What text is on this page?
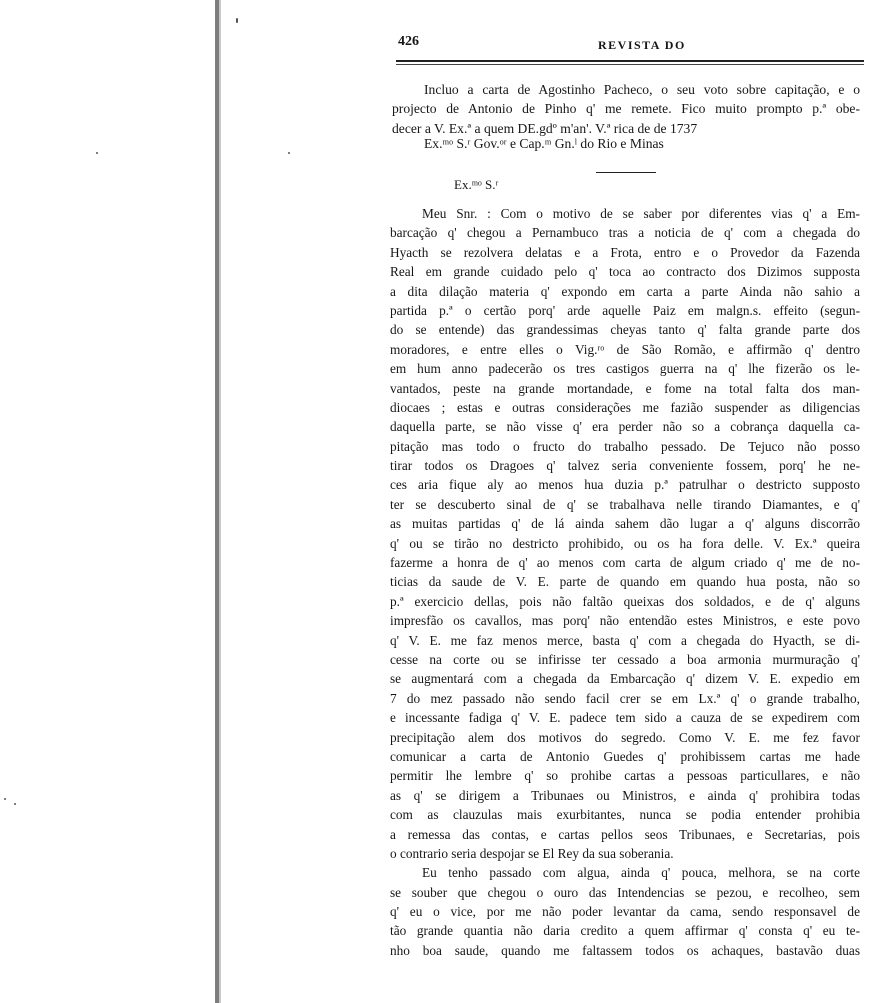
426	REVISTA DO
Incluo a carta de Agostinho Pacheco, o seu voto sobre capitação, e o
projecto de Antonio de Pinho q' me remete. Fico muito prompto p.ª obe-
decer a V. Ex.ª a quem DE.gdº m'an'. V.ª rica de de 1737
Ex.ᵐᵒ S.ʳ Gov.ᵒʳ e Cap.ᵐ Gn.ˡ do Rio e Minas
Ex.ᵐᵒ S.ʳ
Meu Snr. : Com o motivo de se saber por diferentes vias q' a Em-
barcação q' chegou a Pernambuco tras a noticia de q' com a chegada do
Hyacth se rezolvera delatas e a Frota, entro e o Provedor da Fazenda
Real em grande cuidado pelo q' toca ao contracto dos Dizimos supposta
a dita dilação materia q' expondo em carta a parte Ainda não sahio a
partida p.ª o certão porq' arde aquelle Paiz em malgn.s. effeito (segun-
do se entende) das grandessimas cheyas tanto q' falta grande parte dos
moradores, e entre elles o Vig.ʳᵒ de São Romão, e affirmão q' dentro
em hum anno padecerão os tres castigos guerra na q' lhe fizerão os le-
vantados, peste na grande mortandade, e fome na total falta dos man-
diocaes ; estas e outras considerações me fazião suspender as diligencias
daquella parte, se não visse q' era perder não so a cobrança daquella ca-
pitação mas todo o fructo do trabalho pessado. De Tejuco não posso
tirar todos os Dragoes q' talvez seria conveniente fossem, porq' he ne-
ces aria fique aly ao menos hua duzia p.ª patrulhar o destricto supposto
ter se descuberto sinal de q' se trabalhava nelle tirando Diamantes, e q'
as muitas partidas q' de lá ainda sahem dão lugar a q' alguns discorrão
q' ou se tirão no destricto prohibido, ou os ha fora delle. V. Ex.ª queira
fazerme a honra de q' ao menos com carta de algum criado q' me de no-
ticias da saude de V. E. parte de quando em quando hua posta, não so
p.ª exercicio dellas, pois não faltão queixas dos soldados, e de q' alguns
impresfão os cavallos, mas porq' não entendão estes Ministros, e este povo
q' V. E. me faz menos merce, basta q' com a chegada do Hyacth, se di-
cesse na corte ou se infirisse ter cessado a boa armonia murmuração q'
se augmentará com a chegada da Embarcação q' dizem V. E. expedio em
7 do mez passado não sendo facil crer se em Lx.ª q' o grande trabalho,
e incessante fadiga q' V. E. padece tem sido a cauza de se expedirem com
precipitação alem dos motivos do segredo. Como V. E. me fez favor
comunicar a carta de Antonio Guedes q' prohibissem cartas me hade
permitir lhe lembre q' so prohibe cartas a pessoas particullares, e não
as q' se dirigem a Tribunaes ou Ministros, e ainda q' prohibira todas
com as clauzulas mais exurbitantes, nunca se podia entender prohibia
a remessa das contas, e cartas pellos seos Tribunaes, e Secretarias, pois
o contrario seria despojar se El Rey da sua soberania.
Eu tenho passado com algua, ainda q' pouca, melhora, se na corte
se souber que chegou o ouro das Intendencias se pezou, e recolheo, sem
q' eu o vice, por me não poder levantar da cama, sendo responsavel de
tão grande quantia não daria credito a quem affirmar q' consta q' eu te-
nho boa saude, quando me faltassem todos os achaques, bastavão duas
